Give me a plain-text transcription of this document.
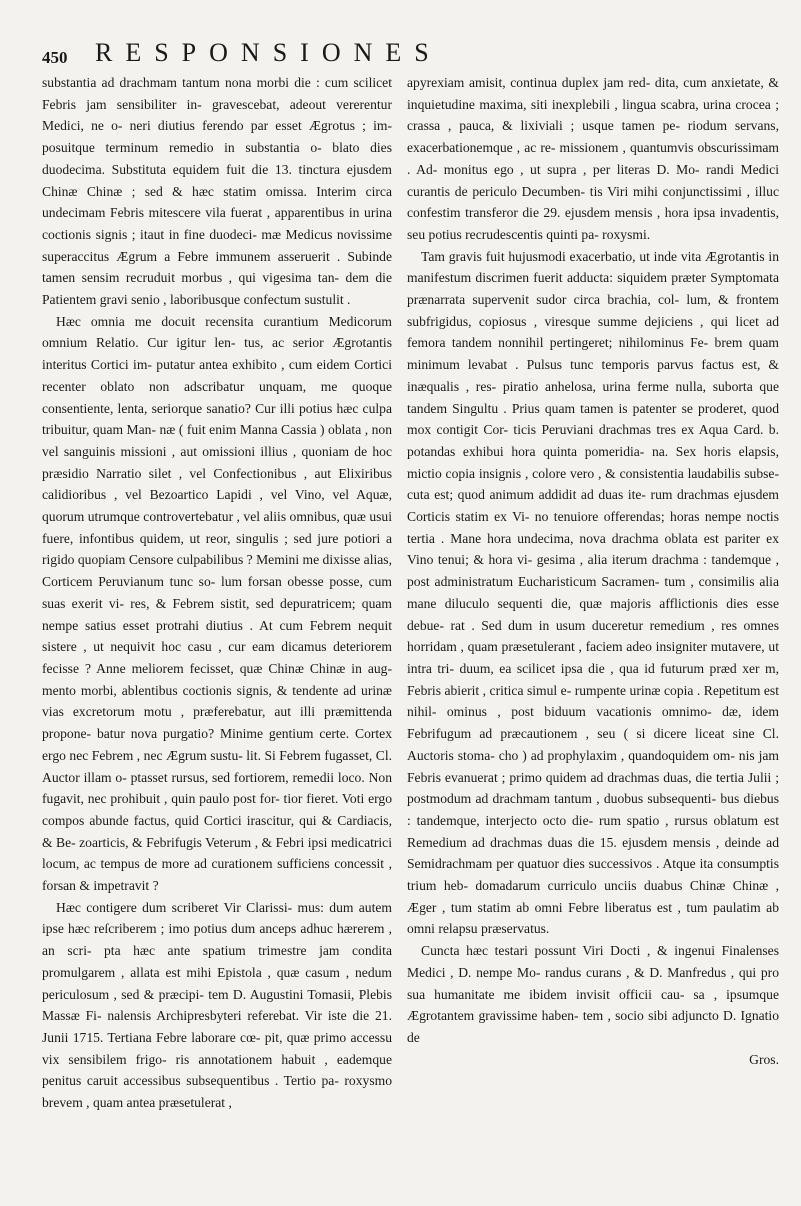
450 RESPONSIONES

substantia ad drachmam tantum nona morbi die : cum scilicet Febris jam sensibiliter in- gravescebat, adeout vererentur Medici, ne o- neri diutius ferendo par esset Ægrotus ; im- posuitque terminum remedio in substantia o- blato dies duodecima. Substituta equidem fuit die 13. tinctura ejusdem Chinæ Chinæ ; sed & hæc statim omissa. Interim circa undecimam Febris mitescere vila fuerat , apparentibus in urina coctionis signis ; itaut in fine duodeci- mæ Medicus novissime superaccitus Ægrum a Febre immunem asseruerit . Subinde tamen sensim recruduit morbus , qui vigesima tan- dem die Patientem gravi senio , laboribusque confectum sustulit .

Hæc omnia me docuit recensita curantium Medicorum omnium Relatio. Cur igitur len- tus, ac serior Ægrotantis interitus Cortici im- putatur antea exhibito , cum eidem Cortici recenter oblato non adscribatur unquam, me quoque consentiente, lenta, seriorque sanatio? Cur illi potius hæc culpa tribuitur, quam Man- næ ( fuit enim Manna Cassia ) oblata , non vel sanguinis missioni , aut omissioni illius , quoniam de hoc præsidio Narratio silet , vel Confectionibus , aut Elixiribus calidioribus , vel Bezoartico Lapidi , vel Vino, vel Aquæ, quorum utrumque controvertebatur , vel aliis omnibus, quæ usui fuere, infontibus quidem, ut reor, singulis ; sed jure potiori a rigido quopiam Censore culpabilibus ? Memini me dixisse alias, Corticem Peruvianum tunc so- lum forsan obesse posse, cum suas exerit vi- res, & Febrem sistit, sed depuratricem; quam nempe satius esset protrahi diutius . At cum Febrem nequit sistere , ut nequivit hoc casu , cur eam dicamus deteriorem fecisse ? Anne meliorem fecisset, quæ Chinæ Chinæ in aug- mento morbi, ablentibus coctionis signis, & tendente ad urinæ vias excretorum motu , præferebatur, aut illi præmittenda propone- batur nova purgatio? Minime gentium certe. Cortex ergo nec Febrem , nec Ægrum sustu- lit. Si Febrem fugasset, Cl. Auctor illam o- ptasset rursus, sed fortiorem, remedii loco. Non fugavit, nec prohibuit , quin paulo post for- tior fieret. Voti ergo compos abunde factus, quid Cortici irascitur, qui & Cardiacis, & Be- zoarticis, & Febrifugis Veterum , & Febri ipsi medicatrici locum, ac tempus de more ad curationem sufficiens concessit , forsan & impetravit ?

Hæc contigere dum scriberet Vir Clarissi- mus: dum autem ipse hæc reſcriberem ; imo potius dum anceps adhuc hærerem , an scri- pta hæc ante spatium trimestre jam condita promulgarem , allata est mihi Epistola , quæ casum , nedum periculosum , sed & præcipi- tem D. Augustini Tomasii, Plebis Massæ Fi- nalensis Archipresbyteri referebat. Vir iste die 21. Junii 1715. Tertiana Febre laborare cœ- pit, quæ primo accessu vix sensibilem frigo- ris annotationem habuit , eademque penitus caruit accessibus subsequentibus . Tertio pa- roxysmo brevem , quam antea præsetulerat ,

apyrexiam amisit, continua duplex jam red- dita, cum anxietate, & inquietudine maxima, siti inexplebili , lingua scabra, urina crocea ; crassa , pauca, & lixiviali ; usque tamen pe- riodum servans, exacerbationemque , ac re- missionem , quantumvis obscurissimam . Ad- monitus ego , ut supra , per literas D. Mo- randi Medici curantis de periculo Decumben- tis Viri mihi conjunctissimi , illuc confestim transferor die 29. ejusdem mensis , hora ipsa invadentis, seu potius recrudescentis quinti pa- roxysmi.

Tam gravis fuit hujusmodi exacerbatio, ut inde vita Ægrotantis in manifestum discrimen fuerit adducta: siquidem præter Symptomata prænarrata supervenit sudor circa brachia, col- lum, & frontem subfrigidus, copiosus , viresque summe dejiciens , qui licet ad femora tandem nonnihil pertingeret; nihilominus Fe- brem quam minimum levabat . Pulsus tunc temporis parvus factus est, & inæqualis , res- piratio anhelosa, urina ferme nulla, suborta que tandem Singultu . Prius quam tamen is patenter se proderet, quod mox contigit Cor- ticis Peruviani drachmas tres ex Aqua Card. b. potandas exhibui hora quinta pomeridia- na. Sex horis elapsis, mictio copia insignis , colore vero , & consistentia laudabilis subse- cuta est; quod animum addidit ad duas ite- rum drachmas ejusdem Corticis statim ex Vi- no tenuiore offerendas; horas nempe noctis tertia . Mane hora undecima, nova drachma oblata est pariter ex Vino tenui; & hora vi- gesima , alia iterum drachma : tandemque , post administratum Eucharisticum Sacramen- tum , consimilis alia mane diluculo sequenti die, quæ majoris afflictionis dies esse debue- rat . Sed dum in usum duceretur remedium , res omnes horridam , quam præsetulerant , faciem adeo insigniter mutavere, ut intra tri- duum, ea scilicet ipsa die , qua id futurum præd xer m, Febris abierit , critica simul e- rumpente urinæ copia . Repetitum est nihil- ominus , post biduum vacationis omnimo- dæ, idem Febrifugum ad præcautionem , seu ( si dicere liceat sine Cl. Auctoris stoma- cho ) ad prophylaxim , quandoquidem om- nis jam Febris evanuerat ; primo quidem ad drachmas duas, die tertia Julii ; postmodum ad drachmam tantum , duobus subsequenti- bus diebus : tandemque, interjecto octo die- rum spatio , rursus oblatum est Remedium ad drachmas duas die 15. ejusdem mensis , deinde ad Semidrachmam per quatuor dies successivos . Atque ita consumptis trium heb- domadarum curriculo unciis duabus Chinæ Chinæ , Æger , tum statim ab omni Febre liberatus est , tum paulatim ab omni relapsu præservatus.

Cuncta hæc testari possunt Viri Docti , & ingenui Finalenses Medici , D. nempe Mo- randus curans , & D. Manfredus , qui pro sua humanitate me ibidem invisit officii cau- sa , ipsumque Ægrotantem gravissime haben- tem , socio sibi adjuncto D. Ignatio de

Gros.
